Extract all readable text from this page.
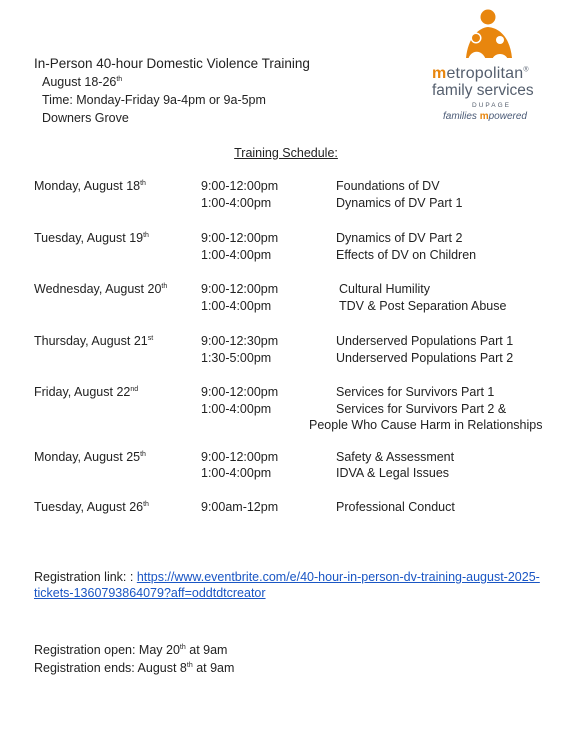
In-Person 40-hour Domestic Violence Training
August 18-26th
Time: Monday-Friday 9a-4pm or 9a-5pm
Downers Grove
metropolitan®
family services
DUPAGE
families mpowered
Training Schedule:
Monday, August 18th	9:00-12:00pm	Foundations of DV
1:00-4:00pm	Dynamics of DV Part 1
Tuesday, August 19th	9:00-12:00pm	Dynamics of DV Part 2
1:00-4:00pm	Effects of DV on Children
Wednesday, August 20th	9:00-12:00pm	Cultural Humility
1:00-4:00pm	TDV & Post Separation Abuse
Thursday, August 21st	9:00-12:30pm	Underserved Populations Part 1
1:30-5:00pm	Underserved Populations Part 2
Friday, August 22nd	9:00-12:00pm	Services for Survivors Part 1
1:00-4:00pm	Services for Survivors Part 2 &
People Who Cause Harm in Relationships
Monday, August 25th	9:00-12:00pm	Safety & Assessment
1:00-4:00pm	IDVA & Legal Issues
Tuesday, August 26th	9:00am-12pm	Professional Conduct
Registration link: : https://www.eventbrite.com/e/40-hour-in-person-dv-training-august-2025-
tickets-1360793864079?aff=oddtdtcreator
Registration open: May 20th at 9am
Registration ends: August 8th at 9am
